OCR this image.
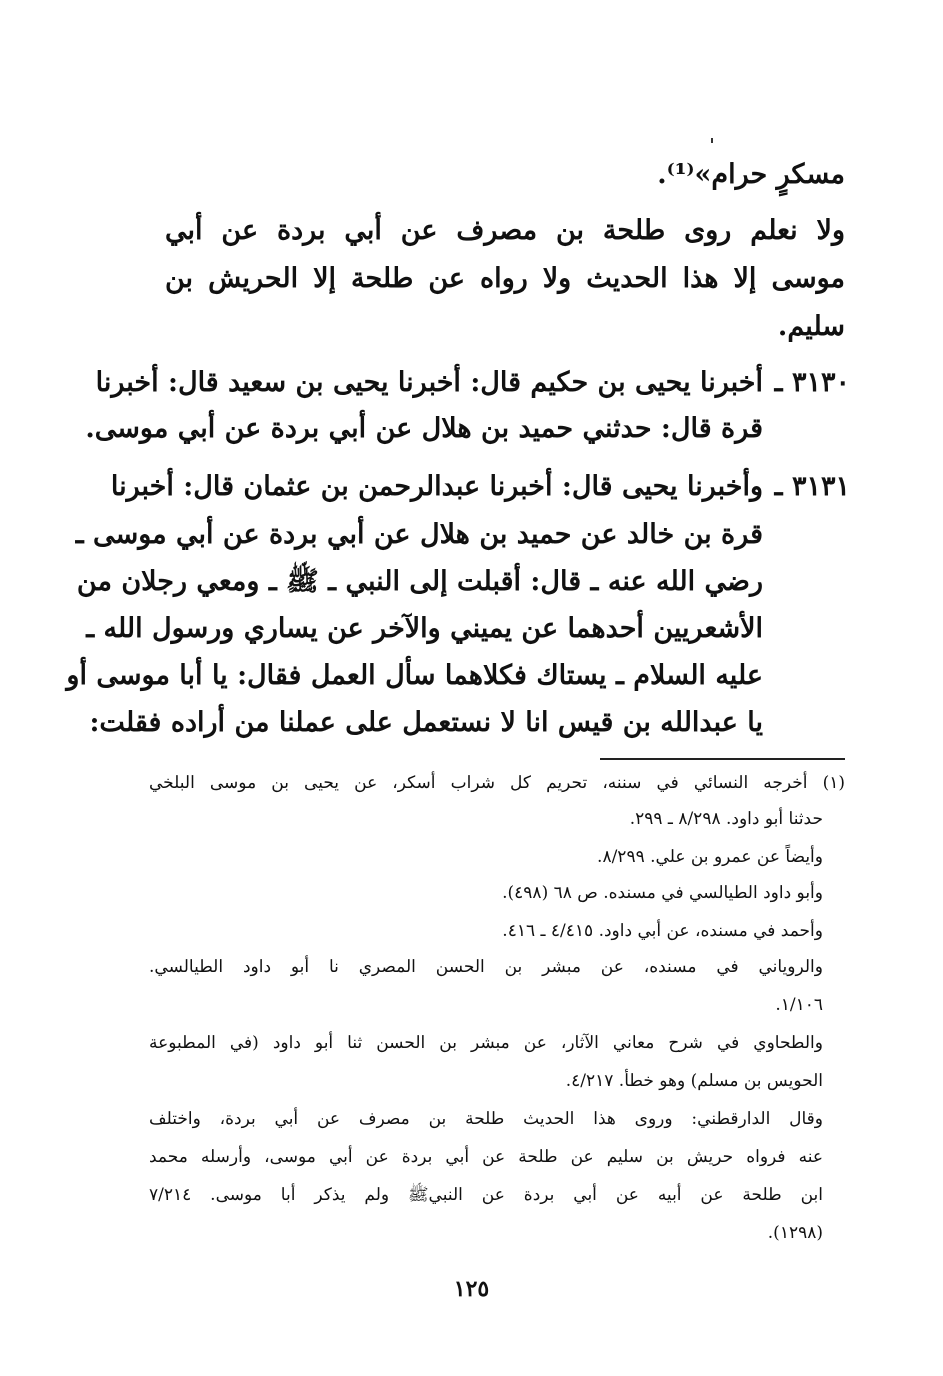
مسكرٍ حرام»⁽¹⁾.
ولا نعلم روى طلحة بن مصرف عن أبي بردة عن أبي
موسى إلا هذا الحديث ولا رواه عن طلحة إلا الحريش بن
سليم.
٣١٣٠ ـ
أخبرنا يحيى بن حكيم قال: أخبرنا يحيى بن سعيد قال: أخبرنا
قرة قال: حدثني حميد بن هلال عن أبي بردة عن أبي موسى.
٣١٣١ ـ
وأخبرنا يحيى قال: أخبرنا عبدالرحمن بن عثمان قال: أخبرنا
قرة بن خالد عن حميد بن هلال عن أبي بردة عن أبي موسى ـ
رضي الله عنه ـ قال: أقبلت إلى النبي ـ ﷺ ـ ومعي رجلان من
الأشعريين أحدهما عن يميني والآخر عن يساري ورسول الله ـ
عليه السلام ـ يستاك فكلاهما سأل العمل فقال: يا أبا موسى أو
يا عبدالله بن قيس انا لا نستعمل على عملنا من أراده فقلت:
(١) أخرجه النسائي في سننه، تحريم كل شراب أسكر، عن يحيى بن موسى البلخي
حدثنا أبو داود. ٨/٢٩٨ ـ ٢٩٩.
وأيضاً عن عمرو بن علي. ٨/٢٩٩.
وأبو داود الطيالسي في مسنده. ص ٦٨ (٤٩٨).
وأحمد في مسنده، عن أبي داود. ٤/٤١٥ ـ ٤١٦.
والروياني في مسنده، عن مبشر بن الحسن المصري نا أبو داود الطيالسي.
١/١٠٦.
والطحاوي في شرح معاني الآثار، عن مبشر بن الحسن ثنا أبو داود (في المطبوعة
الحويس بن مسلم) وهو خطأ. ٤/٢١٧.
وقال الدارقطني: وروى هذا الحديث طلحة بن مصرف عن أبي بردة، واختلف
عنه فرواه حريش بن سليم عن طلحة عن أبي بردة عن أبي موسى، وأرسله محمد
ابن طلحة عن أبيه عن أبي بردة عن النبيﷺ ولم يذكر أبا موسى. ٧/٢١٤
(١٢٩٨).
١٢٥
